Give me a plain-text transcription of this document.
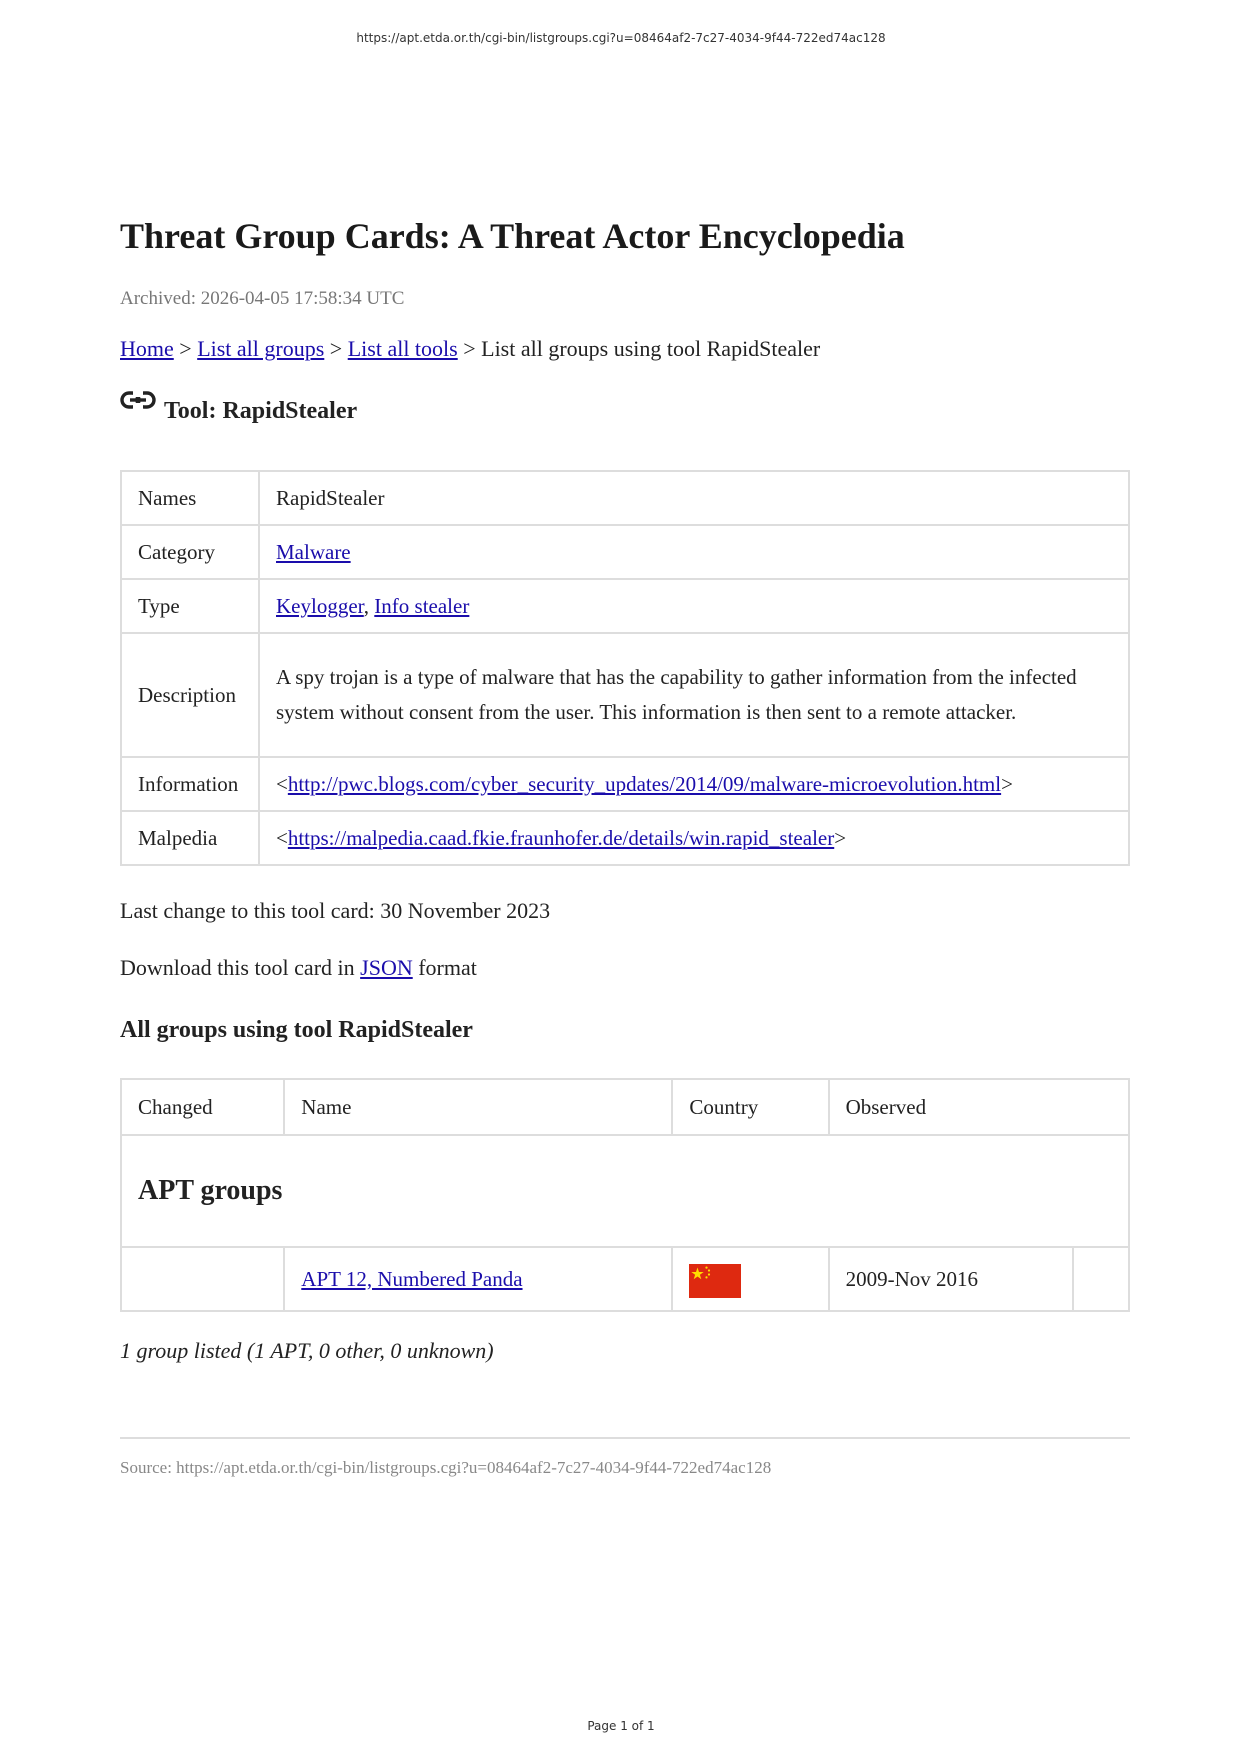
https://apt.etda.or.th/cgi-bin/listgroups.cgi?u=08464af2-7c27-4034-9f44-722ed74ac128
Threat Group Cards: A Threat Actor Encyclopedia
Archived: 2026-04-05 17:58:34 UTC
Home > List all groups > List all tools > List all groups using tool RapidStealer
Tool: RapidStealer
Names	RapidStealer
Category	Malware
Type	Keylogger, Info stealer
Description	A spy trojan is a type of malware that has the capability to gather information from the infected system without consent from the user. This information is then sent to a remote attacker.
Information	<http://pwc.blogs.com/cyber_security_updates/2014/09/malware-microevolution.html>
Malpedia	<https://malpedia.caad.fkie.fraunhofer.de/details/win.rapid_stealer>
Last change to this tool card: 30 November 2023
Download this tool card in JSON format
All groups using tool RapidStealer
Changed	Name	Country	Observed	
APT groups				
	APT 12, Numbered Panda		2009-Nov 2016	
1 group listed (1 APT, 0 other, 0 unknown)
Source: https://apt.etda.or.th/cgi-bin/listgroups.cgi?u=08464af2-7c27-4034-9f44-722ed74ac128
Page 1 of 1
